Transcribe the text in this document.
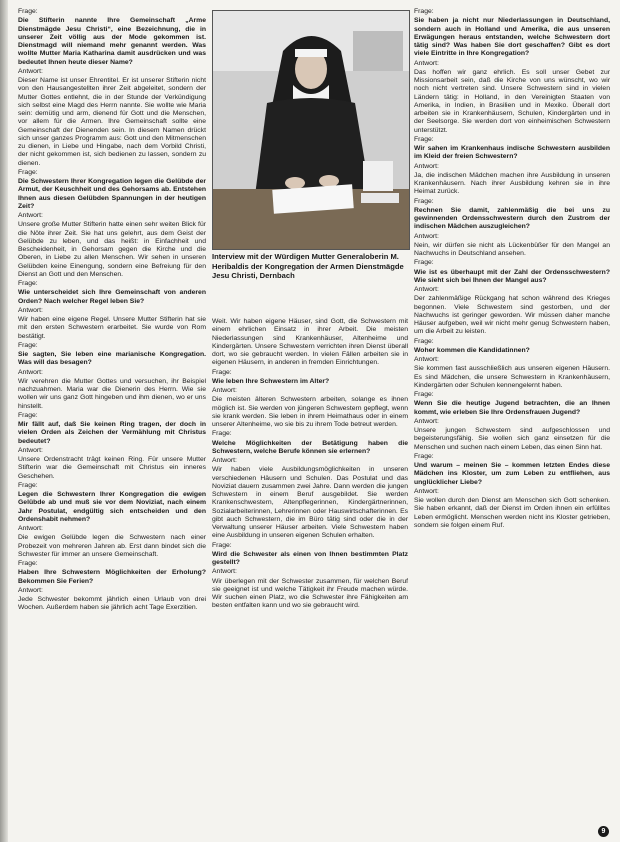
Frage:

Die Stifterin nannte Ihre Gemeinschaft „Arme Dienstmägde Jesu Christi“, eine Bezeichnung, die in unserer Zeit völlig aus der Mode gekommen ist. Dienstmagd will niemand mehr genannt werden. Was wollte Mutter Maria Katharina damit ausdrücken und was bedeutet Ihnen heute dieser Name?

Antwort:

Dieser Name ist unser Ehrentitel. Er ist unserer Stifterin nicht von den Hausangestellten ihrer Zeit abgeleitet, sondern der Mutter Gottes entlehnt, die in der Stunde der Verkündigung sich selbst eine Magd des Herrn nannte. Sie wollte wie Maria sein: demütig und arm, dienend für Gott und die Menschen, vor allem für die Armen. Ihre Gemeinschaft sollte eine Gemeinschaft der Dienenden sein. In diesem Namen drückt sich unser ganzes Programm aus: Gott und den Mitmenschen zu dienen, in Liebe und Hingabe, nach dem Vorbild Christi, der nicht gekommen ist, sich bedienen zu lassen, sondern zu dienen.

Frage:

Die Schwestern Ihrer Kongregation legen die Gelübde der Armut, der Keuschheit und des Gehorsams ab. Entstehen Ihnen aus diesen Gelübden Spannungen in der heutigen Zeit?

Antwort:

Unsere große Mutter Stifterin hatte einen sehr weiten Blick für die Nöte ihrer Zeit. Sie hat uns gelehrt, aus dem Geist der Gelübde zu leben, und das heißt: in Einfachheit und Bescheidenheit, in Gehorsam gegen die Kirche und die Oberen, in Liebe zu allen Menschen. Wir sehen in unseren Gelübden keine Einengung, sondern eine Befreiung für den Dienst an Gott und den Menschen.

Frage:

Wie unterscheidet sich Ihre Gemeinschaft von anderen Orden? Nach welcher Regel leben Sie?

Antwort:

Wir haben eine eigene Regel. Unsere Mutter Stifterin hat sie mit den ersten Schwestern erarbeitet. Sie wurde von Rom bestätigt.

Frage:

Sie sagten, Sie leben eine marianische Kongregation. Was will das besagen?

Antwort:

Wir verehren die Mutter Gottes und versuchen, ihr Beispiel nachzuahmen. Maria war die Dienerin des Herrn. Wie sie wollen wir uns ganz Gott hingeben und ihm dienen, wo er uns hinstellt.

Frage:

Mir fällt auf, daß Sie keinen Ring tragen, der doch in vielen Orden als Zeichen der Vermählung mit Christus bedeutet?

Antwort:

Unsere Ordenstracht trägt keinen Ring. Für unsere Mutter Stifterin war die Gemeinschaft mit Christus ein inneres Geschehen.

Frage:

Legen die Schwestern Ihrer Kongregation die ewigen Gelübde ab und muß sie vor dem Noviziat, nach einem Jahr Postulat, endgültig sich entscheiden und den Ordenshabit nehmen?

Antwort:

Die ewigen Gelübde legen die Schwestern nach einer Probezeit von mehreren Jahren ab. Erst dann bindet sich die Schwester für immer an unsere Gemeinschaft.

Frage:

Haben Ihre Schwestern Möglichkeiten der Erholung? Bekommen Sie Ferien?

Antwort:

Jede Schwester bekommt jährlich einen Urlaub von drei Wochen. Außerdem haben sie jährlich acht Tage Exerzitien.

Interview mit der Würdigen Mutter Generaloberin M. Heribaldis der Kongregation der Armen Dienstmägde Jesu Christi, Dernbach

Weit. Wir haben eigene Häuser, sind Gott, die Schwestern mit einem ehrlichen Einsatz in ihrer Arbeit. Die meisten Niederlassungen sind Krankenhäuser, Altenheime und Kindergärten. Unsere Schwestern verrichten ihren Dienst überall dort, wo sie gebraucht werden. In vielen Fällen arbeiten sie in eigenen Häusern, in anderen in fremden Einrichtungen.

Frage:

Wie leben Ihre Schwestern im Alter?

Antwort:

Die meisten älteren Schwestern arbeiten, solange es ihnen möglich ist. Sie werden von jüngeren Schwestern gepflegt, wenn sie krank werden. Sie leben in ihrem Heimathaus oder in einem unserer Altenheime, wo sie bis zu ihrem Tode betreut werden.

Frage:

Welche Möglichkeiten der Betätigung haben die Schwestern, welche Berufe können sie erlernen?

Antwort:

Wir haben viele Ausbildungsmöglichkeiten in unseren verschiedenen Häusern und Schulen. Das Postulat und das Noviziat dauern zusammen zwei Jahre. Dann werden die jungen Schwestern in einem Beruf ausgebildet. Sie werden Krankenschwestern, Altenpflegerinnen, Kindergärtnerinnen, Sozialarbeiterinnen, Lehrerinnen oder Hauswirtschafterinnen. Es gibt auch Schwestern, die im Büro tätig sind oder die in der Verwaltung unserer Häuser arbeiten. Viele Schwestern haben eine Ausbildung in unseren eigenen Schulen erhalten.

Frage:

Wird die Schwester als einen von Ihnen bestimmten Platz gestellt?

Antwort:

Wir überlegen mit der Schwester zusammen, für welchen Beruf sie geeignet ist und welche Tätigkeit ihr Freude machen würde. Wir suchen einen Platz, wo die Schwester ihre Fähigkeiten am besten entfalten kann und wo sie gebraucht wird.

Frage:

Sie haben ja nicht nur Niederlassungen in Deutschland, sondern auch in Holland und Amerika, die aus unseren Erwägungen heraus entstanden, welche Schwestern dort tätig sind? Was haben Sie dort geschaffen? Gibt es dort viele Eintritte in Ihre Kongregation?

Antwort:

Das hoffen wir ganz ehrlich. Es soll unser Gebet zur Missionsarbeit sein, daß die Kirche von uns wünscht, wo wir noch nicht vertreten sind. Unsere Schwestern sind in vielen Ländern tätig: in Holland, in den Vereinigten Staaten von Amerika, in Indien, in Brasilien und in Mexiko. Überall dort arbeiten sie in Krankenhäusern, Schulen, Kindergärten und in der Seelsorge. Sie werden dort von einheimischen Schwestern unterstützt.

Frage:

Wir sahen im Krankenhaus indische Schwestern ausbilden im Kleid der freien Schwestern?

Antwort:

Ja, die indischen Mädchen machen ihre Ausbildung in unseren Krankenhäusern. Nach ihrer Ausbildung kehren sie in ihre Heimat zurück.

Frage:

Rechnen Sie damit, zahlenmäßig die bei uns zu gewinnenden Ordensschwestern durch den Zustrom der indischen Mädchen auszugleichen?

Antwort:

Nein, wir dürfen sie nicht als Lückenbüßer für den Mangel an Nachwuchs in Deutschland ansehen.

Frage:

Wie ist es überhaupt mit der Zahl der Ordensschwestern? Wie sieht sich bei Ihnen der Mangel aus?

Antwort:

Der zahlenmäßige Rückgang hat schon während des Krieges begonnen. Viele Schwestern sind gestorben, und der Nachwuchs ist geringer geworden. Wir müssen daher manche Häuser aufgeben, weil wir nicht mehr genug Schwestern haben, um die Arbeit zu leisten.

Frage:

Woher kommen die Kandidatinnen?

Antwort:

Sie kommen fast ausschließlich aus unseren eigenen Häusern. Es sind Mädchen, die unsere Schwestern in Krankenhäusern, Kindergärten oder Schulen kennengelernt haben.

Frage:

Wenn Sie die heutige Jugend betrachten, die an Ihnen kommt, wie erleben Sie Ihre Ordensfrauen Jugend?

Antwort:

Unsere jungen Schwestern sind aufgeschlossen und begeisterungsfähig. Sie wollen sich ganz einsetzen für die Menschen und suchen nach einem Leben, das einen Sinn hat.

Frage:

Und warum – meinen Sie – kommen letzten Endes diese Mädchen ins Kloster, um zum Leben zu entfliehen, aus unglücklicher Liebe?

Antwort:

Sie wollen durch den Dienst am Menschen sich Gott schenken. Sie haben erkannt, daß der Dienst im Orden ihnen ein erfülltes Leben ermöglicht. Menschen werden nicht ins Kloster getrieben, sondern sie folgen einem Ruf.

9
